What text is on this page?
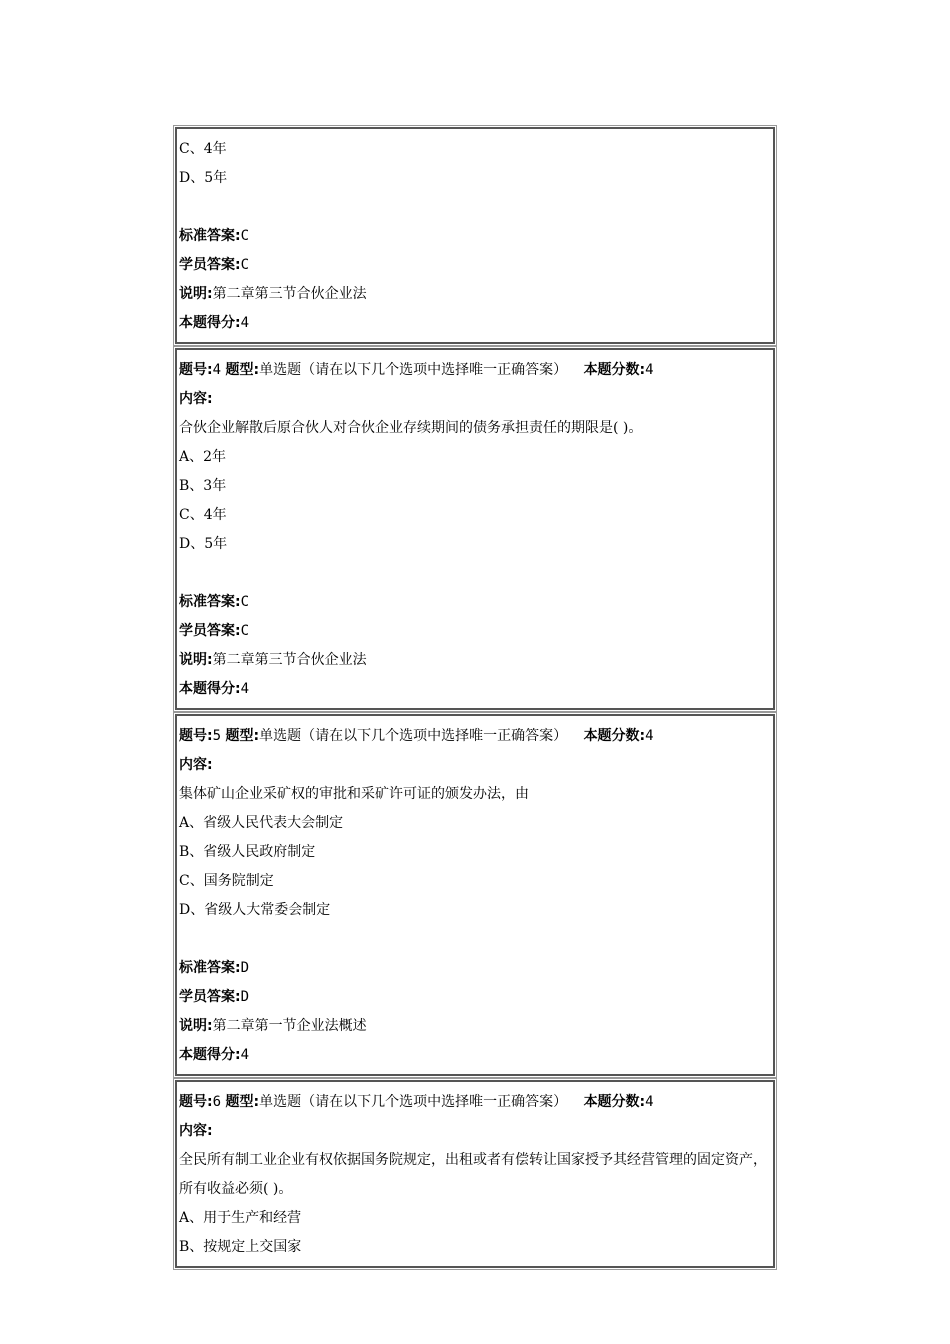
C、4年
D、5年
标准答案:C
学员答案:C
说明:第二章第三节合伙企业法
本题得分:4
题号:4 题型:单选题（请在以下几个选项中选择唯一正确答案） 本题分数:4
内容:
合伙企业解散后原合伙人对合伙企业存续期间的债务承担责任的期限是( )。
A、2年
B、3年
C、4年
D、5年
标准答案:C
学员答案:C
说明:第二章第三节合伙企业法
本题得分:4
题号:5 题型:单选题（请在以下几个选项中选择唯一正确答案） 本题分数:4
内容:
集体矿山企业采矿权的审批和采矿许可证的颁发办法，由
A、省级人民代表大会制定
B、省级人民政府制定
C、国务院制定
D、省级人大常委会制定
标准答案:D
学员答案:D
说明:第二章第一节企业法概述
本题得分:4
题号:6 题型:单选题（请在以下几个选项中选择唯一正确答案） 本题分数:4
内容:
全民所有制工业企业有权依据国务院规定，出租或者有偿转让国家授予其经营管理的固定资产，所有收益必须( )。
A、用于生产和经营
B、按规定上交国家
